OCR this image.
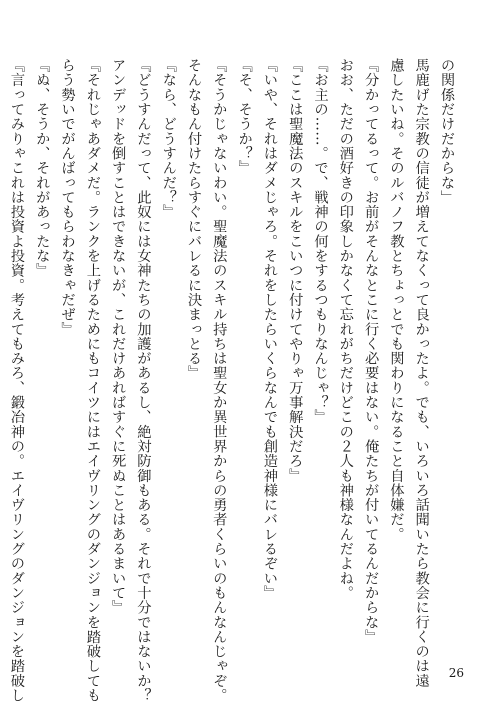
の関係だけだからな」
馬鹿げた宗教の信徒が増えてなくって良かったよ。でも、いろいろ話聞いたら教会に行くのは遠
慮したいね。そのルバノフ教とちょっとでも関わりになること自体嫌だ。
『分かってるって。お前がそんなとこに行く必要はない。俺たちが付いてるんだからな』
おお、ただの酒好きの印象しかなくて忘れがちだけどこの２人も神様なんだよね。
『お主の……。で、戦神の何をするつもりなんじゃ？』
『ここは聖魔法のスキルをこいつに付けてやりゃ万事解決だろ』
『いや、それはダメじゃろ。それをしたらいくらなんでも創造神様にバレるぞい』
『そ、そうか？』
『そうかじゃないわい。聖魔法のスキル持ちは聖女か異世界からの勇者くらいのもんなんじゃぞ。
そんなもん付けたらすぐにバレるに決まっとる』
『なら、どうすんだ？』
『どうすんだって、此奴には女神たちの加護があるし、絶対防御もある。それで十分ではないか？
アンデッドを倒すことはできないが、これだけあればすぐに死ぬことはあるまいて』
『それじゃあダメだ。ランクを上げるためにもコイツにはエイヴリングのダンジョンを踏破しても
らう勢いでがんばってもらわなきゃだぜ』
『ぬ、そうか、それがあったな』
『言ってみりゃこれは投資よ投資。考えてもみろ、鍛冶神の。エイヴリングのダンジョンを踏破し	26
